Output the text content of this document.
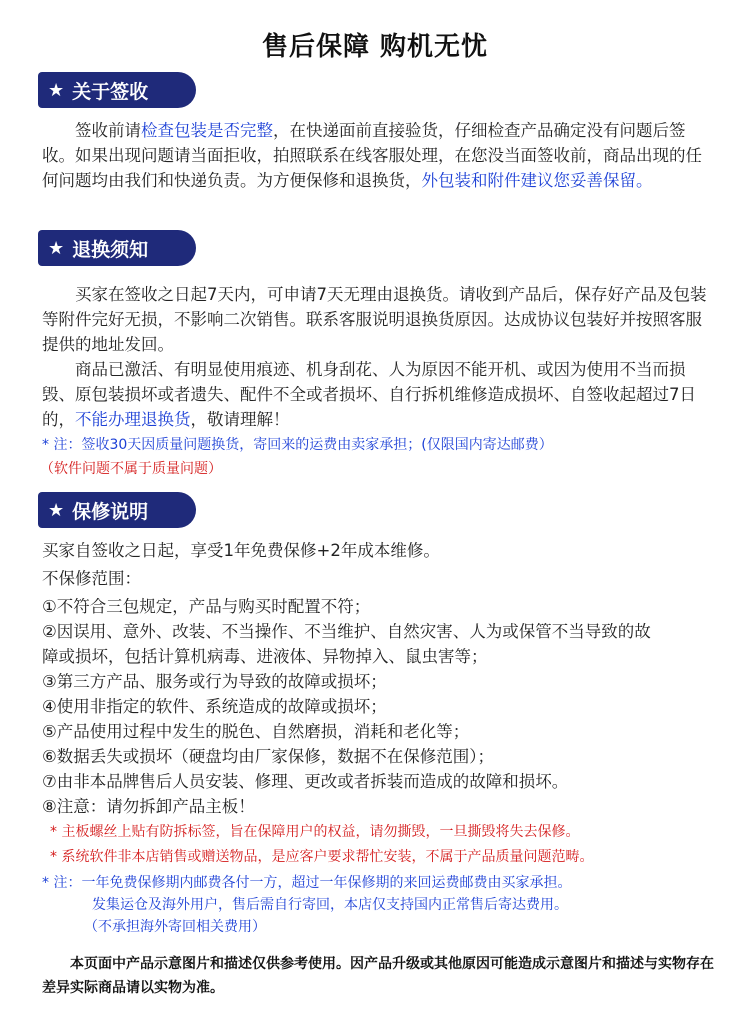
售后保障 购机无忧
★ 关于签收

签收前请检查包装是否完整，在快递面前直接验货，仔细检查产品确定没有问题后签收。如果出现问题请当面拒收，拍照联系在线客服处理，在您没当面签收前，商品出现的任何问题均由我们和快递负责。为方便保修和退换货，外包装和附件建议您妥善保留。

★ 退换须知

买家在签收之日起7天内，可申请7天无理由退换货。请收到产品后，保存好产品及包装等附件完好无损，不影响二次销售。联系客服说明退换货原因。达成协议包装好并按照客服提供的地址发回。

商品已激活、有明显使用痕迹、机身刮花、人为原因不能开机、或因为使用不当而损毁、原包装损坏或者遗失、配件不全或者损坏、自行拆机维修造成损坏、自签收起超过7日的，不能办理退换货，敬请理解！

* 注：签收30天因质量问题换货，寄回来的运费由卖家承担；(仅限国内寄达邮费）
（软件问题不属于质量问题）
★ 保修说明
买家自签收之日起，享受1年免费保修+2年成本维修。
不保修范围：
①不符合三包规定，产品与购买时配置不符；
②因误用、意外、改装、不当操作、不当维护、自然灾害、人为或保管不当导致的故
障或损坏，包括计算机病毒、进液体、异物掉入、鼠虫害等；
③第三方产品、服务或行为导致的故障或损坏；
④使用非指定的软件、系统造成的故障或损坏；
⑤产品使用过程中发生的脱色、自然磨损，消耗和老化等；
⑥数据丢失或损坏（硬盘均由厂家保修，数据不在保修范围）；
⑦由非本品牌售后人员安装、修理、更改或者拆装而造成的故障和损坏。
⑧注意：请勿拆卸产品主板！
* 主板螺丝上贴有防拆标签，旨在保障用户的权益，请勿撕毁，一旦撕毁将失去保修。
* 系统软件非本店销售或赠送物品，是应客户要求帮忙安装，不属于产品质量问题范畴。
* 注：一年免费保修期内邮费各付一方，超过一年保修期的来回运费邮费由买家承担。
发集运仓及海外用户，售后需自行寄回，本店仅支持国内正常售后寄达费用。
（不承担海外寄回相关费用）
本页面中产品示意图片和描述仅供参考使用。因产品升级或其他原因可能造成示意图片和描述与实物存在差异实际商品请以实物为准。
